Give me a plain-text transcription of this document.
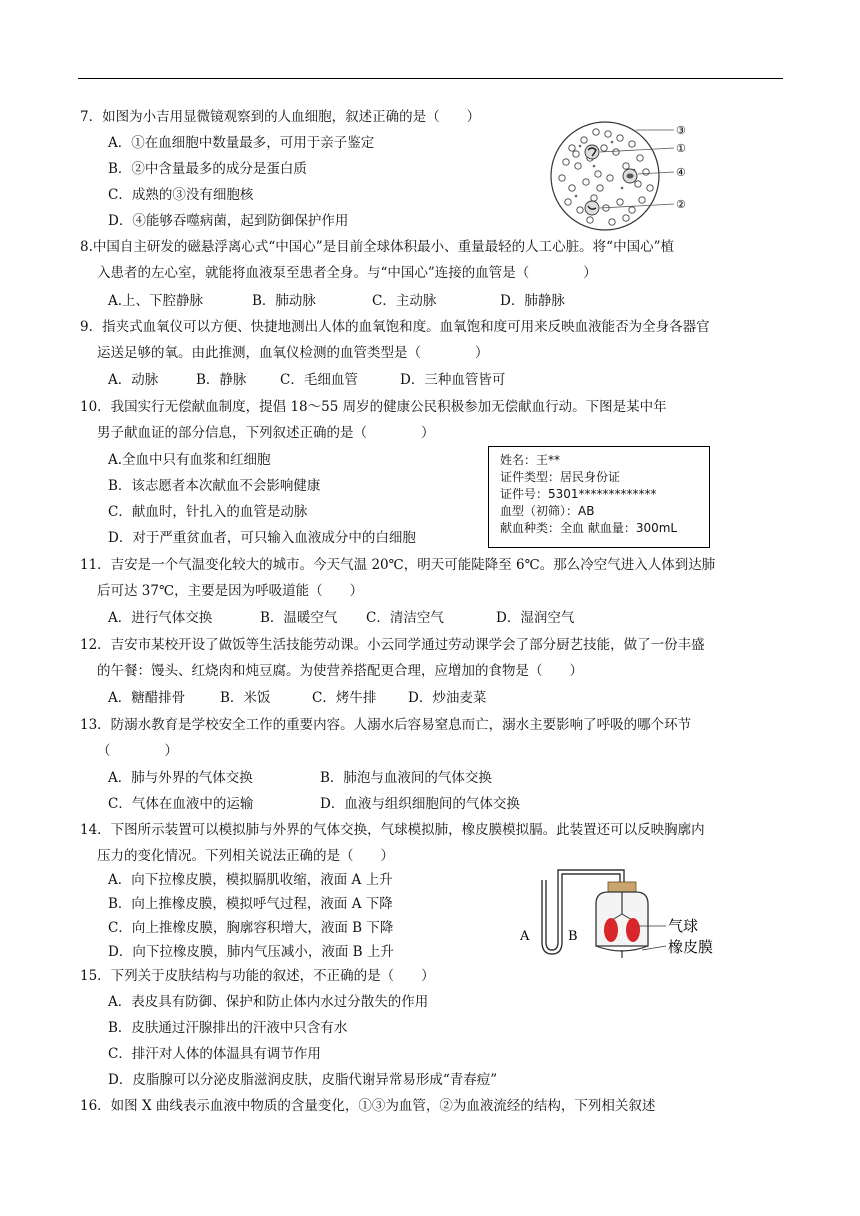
7．如图为小吉用显微镜观察到的人血细胞，叙述正确的是（　　）
A．①在血细胞中数量最多，可用于亲子鉴定
B．②中含量最多的成分是蛋白质
C．成熟的③没有细胞核
D．④能够吞噬病菌，起到防御保护作用
③
①
④
②
8.中国自主研发的磁悬浮离心式“中国心”是目前全球体积最小、重量最轻的人工心脏。将“中国心”植
入患者的左心室，就能将血液泵至患者全身。与“中国心”连接的血管是（　　　　）
A.上、下腔静脉	B．肺动脉	C．主动脉	D．肺静脉
9．指夹式血氧仪可以方便、快捷地测出人体的血氧饱和度。血氧饱和度可用来反映血液能否为全身各器官
运送足够的氧。由此推测，血氧仪检测的血管类型是（　　　　）
A．动脉	B．静脉 C．毛细血管	D．三种血管皆可
10．我国实行无偿献血制度，提倡 18～55 周岁的健康公民积极参加无偿献血行动。下图是某中年
男子献血证的部分信息，下列叙述正确的是（　　　　）
A.全血中只有血浆和红细胞
B．该志愿者本次献血不会影响健康
C．献血时，针扎入的血管是动脉
D．对于严重贫血者，可只输入血液成分中的白细胞
姓名：王**
证件类型：居民身份证
证件号：5301*************
血型（初筛）：AB
献血种类：全血 献血量：300mL
11．吉安是一个气温变化较大的城市。今天气温 20℃，明天可能陡降至 6℃。那么冷空气进入人体到达肺
后可达 37℃，主要是因为呼吸道能（　　）
A．进行气体交换	B．温暖空气 C．清洁空气	D．湿润空气
12．吉安市某校开设了做饭等生活技能劳动课。小云同学通过劳动课学会了部分厨艺技能，做了一份丰盛
的午餐：馒头、红烧肉和炖豆腐。为使营养搭配更合理，应增加的食物是（　　）
A．糖醋排骨	B．米饭	C．烤牛排 D．炒油麦菜
13．防溺水教育是学校安全工作的重要内容。人溺水后容易窒息而亡，溺水主要影响了呼吸的哪个环节
（　　　　）
A．肺与外界的气体交换	B．肺泡与血液间的气体交换
C．气体在血液中的运输	D．血液与组织细胞间的气体交换
14．下图所示装置可以模拟肺与外界的气体交换，气球模拟肺，橡皮膜模拟膈。此装置还可以反映胸廓内
压力的变化情况。下列相关说法正确的是（　　）
A．向下拉橡皮膜，模拟膈肌收缩，液面 A 上升
B．向上推橡皮膜，模拟呼气过程，液面 A 下降
C．向上推橡皮膜，胸廓容积增大，液面 B 下降
D．向下拉橡皮膜，肺内气压减小，液面 B 上升
A	B
气球
橡皮膜
15．下列关于皮肤结构与功能的叙述，不正确的是（　　）
A．表皮具有防御、保护和防止体内水过分散失的作用
B．皮肤通过汗腺排出的汗液中只含有水
C．排汗对人体的体温具有调节作用
D．皮脂腺可以分泌皮脂滋润皮肤，皮脂代谢异常易形成“青春痘”
16．如图 X 曲线表示血液中物质的含量变化，①③为血管，②为血液流经的结构，下列相关叙述
